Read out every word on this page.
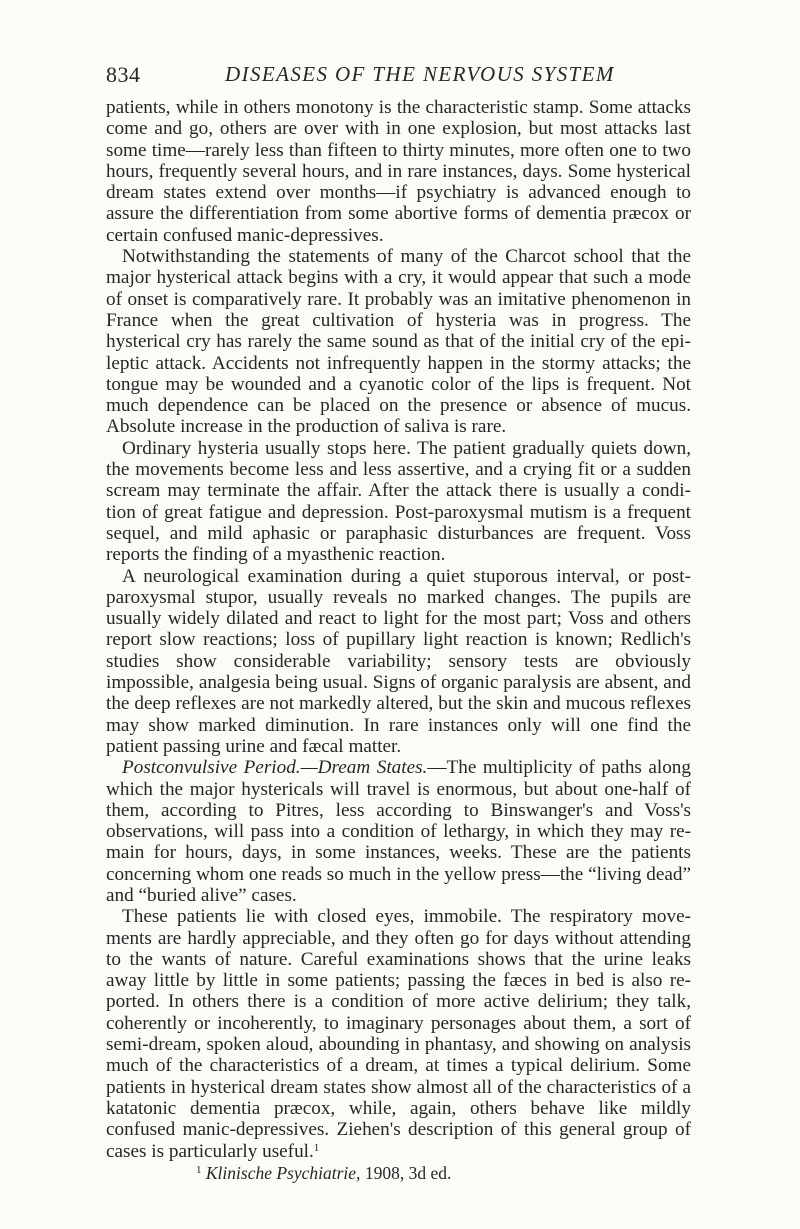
834	DISEASES OF THE NERVOUS SYSTEM

patients, while in others monotony is the characteristic stamp. Some attacks come and go, others are over with in one explosion, but most attacks last some time—rarely less than fifteen to thirty minutes, more often one to two hours, frequently several hours, and in rare instances, days. Some hysterical dream states extend over months—if psychiatry is advanced enough to assure the differentiation from some abortive forms of dementia præcox or certain confused manic-depressives.

Notwithstanding the statements of many of the Charcot school that the major hysterical attack begins with a cry, it would appear that such a mode of onset is comparatively rare. It probably was an imitative phenomenon in France when the great cultivation of hysteria was in progress. The hysterical cry has rarely the same sound as that of the initial cry of the epi- leptic attack. Accidents not infrequently happen in the stormy attacks; the tongue may be wounded and a cyanotic color of the lips is frequent. Not much dependence can be placed on the presence or absence of mucus. Absolute increase in the production of saliva is rare.

Ordinary hysteria usually stops here. The patient gradually quiets down, the movements become less and less assertive, and a crying fit or a sudden scream may terminate the affair. After the attack there is usually a condi- tion of great fatigue and depression. Post-paroxysmal mutism is a frequent sequel, and mild aphasic or paraphasic disturbances are frequent. Voss reports the finding of a myasthenic reaction.

A neurological examination during a quiet stuporous interval, or post- paroxysmal stupor, usually reveals no marked changes. The pupils are usually widely dilated and react to light for the most part; Voss and others report slow reactions; loss of pupillary light reaction is known; Redlich's studies show considerable variability; sensory tests are obviously impossible, analgesia being usual. Signs of organic paralysis are absent, and the deep reflexes are not markedly altered, but the skin and mucous reflexes may show marked diminution. In rare instances only will one find the patient passing urine and fæcal matter.

Postconvulsive Period.—Dream States.—The multiplicity of paths along which the major hystericals will travel is enormous, but about one-half of them, according to Pitres, less according to Binswanger's and Voss's observations, will pass into a condition of lethargy, in which they may re- main for hours, days, in some instances, weeks. These are the patients concerning whom one reads so much in the yellow press—the “living dead” and “buried alive” cases.

These patients lie with closed eyes, immobile. The respiratory move- ments are hardly appreciable, and they often go for days without attending to the wants of nature. Careful examinations shows that the urine leaks away little by little in some patients; passing the fæces in bed is also re- ported. In others there is a condition of more active delirium; they talk, coherently or incoherently, to imaginary personages about them, a sort of semi-dream, spoken aloud, abounding in phantasy, and showing on analysis much of the characteristics of a dream, at times a typical delirium. Some patients in hysterical dream states show almost all of the characteristics of a katatonic dementia præcox, while, again, others behave like mildly confused manic-depressives. Ziehen's description of this general group of cases is particularly useful.$^1$

$^1$ Klinische Psychiatrie, 1908, 3d ed.
